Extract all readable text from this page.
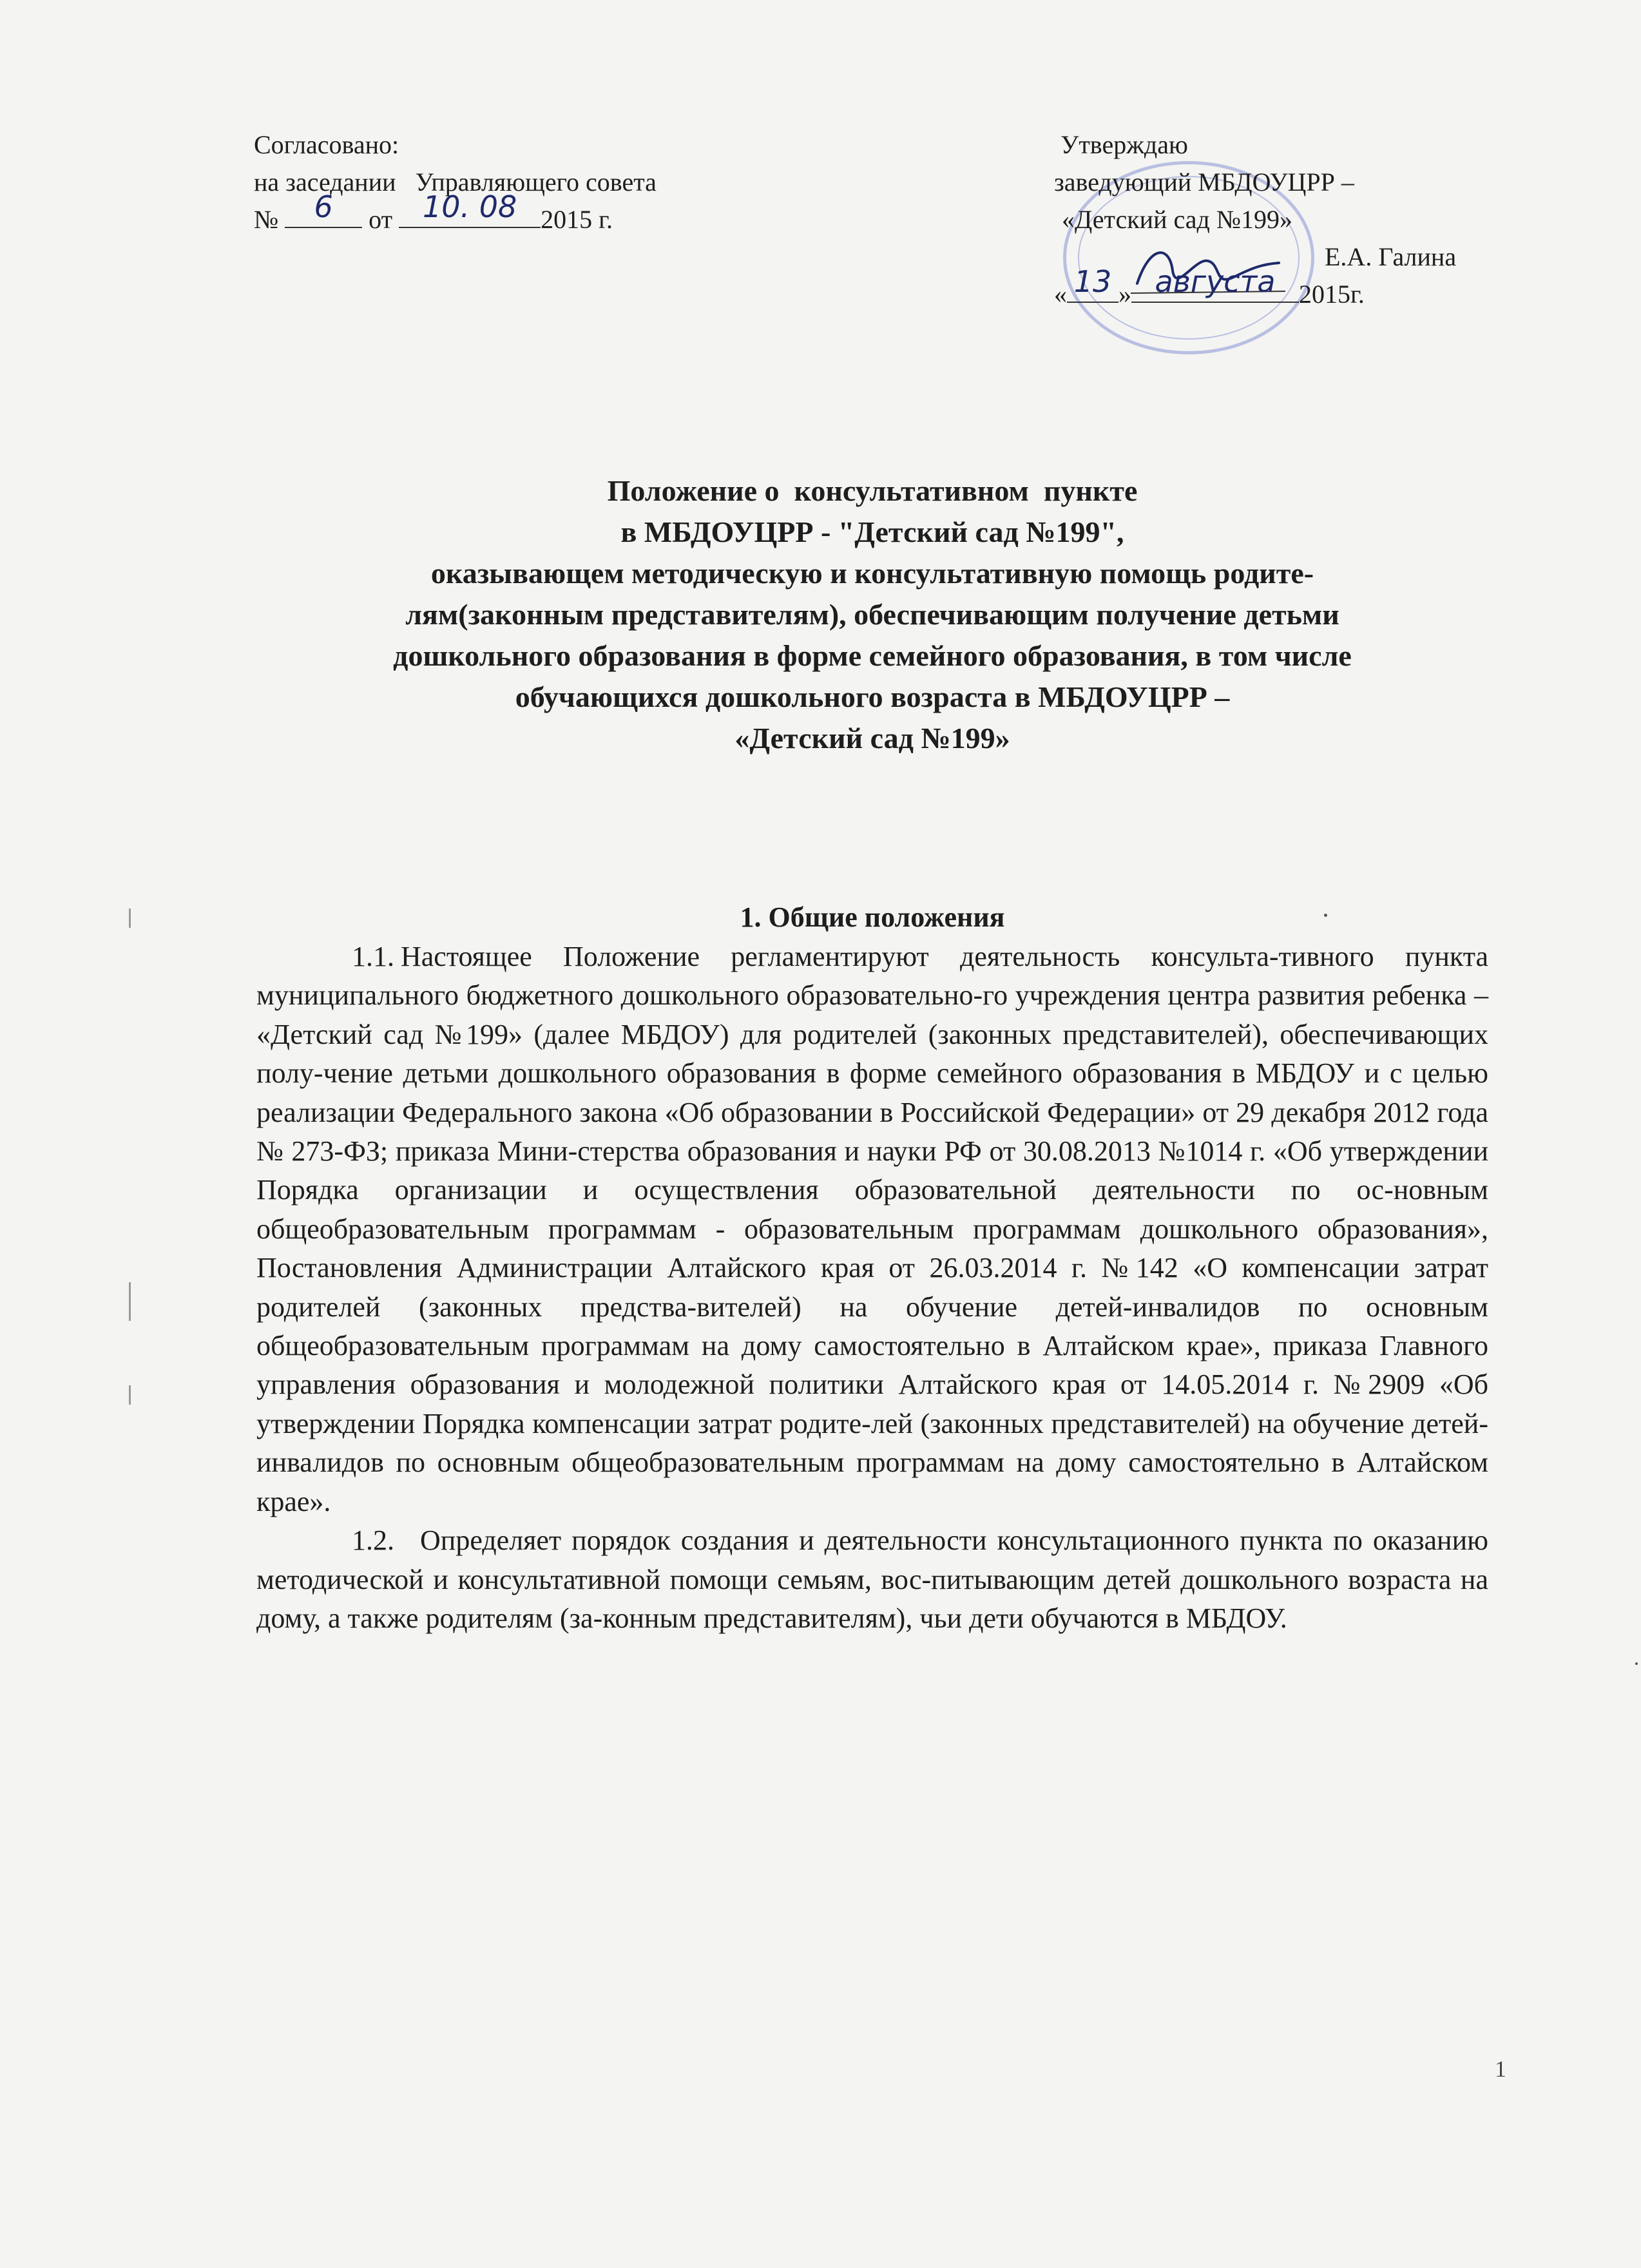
Согласовано:
на заседании   Управляющего совета
№	6	от	10. 08 2015 г.
Утверждаю
заведующий МБДОУЦРР –
«Детский сад №199»
Е.А. Галина
« 13 » августа 2015г.
Положение о  консультативном  пункте
в МБДОУЦРР - "Детский сад №199",
оказывающем методическую и консультативную помощь родите-
лям(законным представителям), обеспечивающим получение детьми
дошкольного образования в форме семейного образования, в том числе
обучающихся дошкольного возраста в МБДОУЦРР –
«Детский сад №199»
1. Общие положения

1.1. Настоящее Положение регламентируют деятельность консульта-тивного пункта муниципального бюджетного дошкольного образовательно-го учреждения центра развития ребенка – «Детский сад №199» (далее МБДОУ) для родителей (законных представителей), обеспечивающих полу-чение детьми дошкольного образования в форме семейного образования в МБДОУ и с целью реализации Федерального закона «Об образовании в Российской Федерации» от 29 декабря 2012 года № 273-ФЗ; приказа Мини-стерства образования и науки РФ от 30.08.2013 №1014 г. «Об утверждении Порядка организации и осуществления образовательной деятельности по ос-новным общеобразовательным программам - образовательным программам дошкольного образования», Постановления Администрации Алтайского края от 26.03.2014 г. №142 «О компенсации затрат родителей (законных предства-вителей) на обучение детей-инвалидов по основным общеобразовательным программам на дому самостоятельно в Алтайском крае», приказа Главного управления образования и молодежной политики Алтайского края от 14.05.2014 г. №2909 «Об утверждении Порядка компенсации затрат родите-лей (законных представителей) на обучение детей-инвалидов по основным общеобразовательным программам на дому самостоятельно в Алтайском крае».

1.2. Определяет порядок создания и деятельности консультационного пункта по оказанию методической и консультативной помощи семьям, вос-питывающим детей дошкольного возраста на дому, а также родителям (за-конным представителям), чьи дети обучаются в МБДОУ.

1
